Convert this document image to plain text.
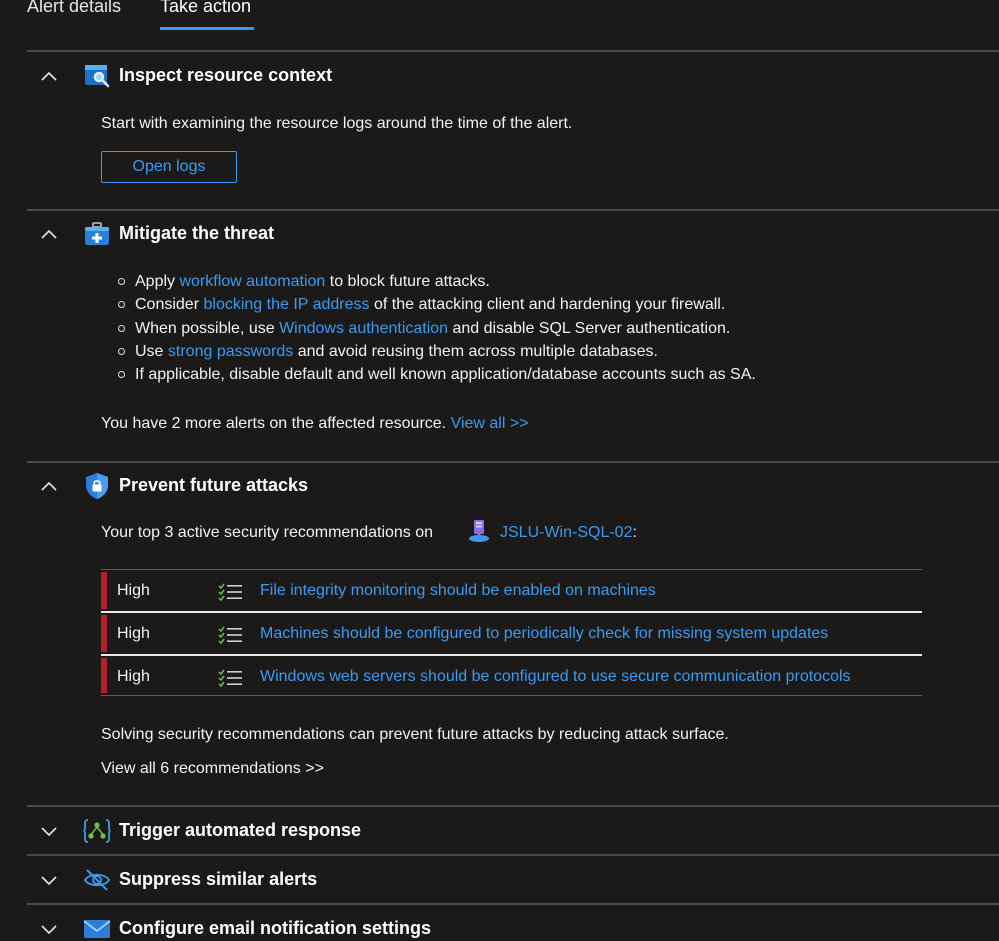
Alert details Take action
Inspect resource context
Start with examining the resource logs around the time of the alert.
Open logs
Mitigate the threat
Apply workflow automation to block future attacks.
Consider blocking the IP address of the attacking client and hardening your firewall.
When possible, use Windows authentication and disable SQL Server authentication.
Use strong passwords and avoid reusing them across multiple databases.
If applicable, disable default and well known application/database accounts such as SA.
You have 2 more alerts on the affected resource. View all >>
Prevent future attacks
Your top 3 active security recommendations on	JSLU-Win-SQL-02:
High	File integrity monitoring should be enabled on machines
High	Machines should be configured to periodically check for missing system updates
High	Windows web servers should be configured to use secure communication protocols
Solving security recommendations can prevent future attacks by reducing attack surface.
View all 6 recommendations >>
Trigger automated response
Suppress similar alerts
Configure email notification settings
